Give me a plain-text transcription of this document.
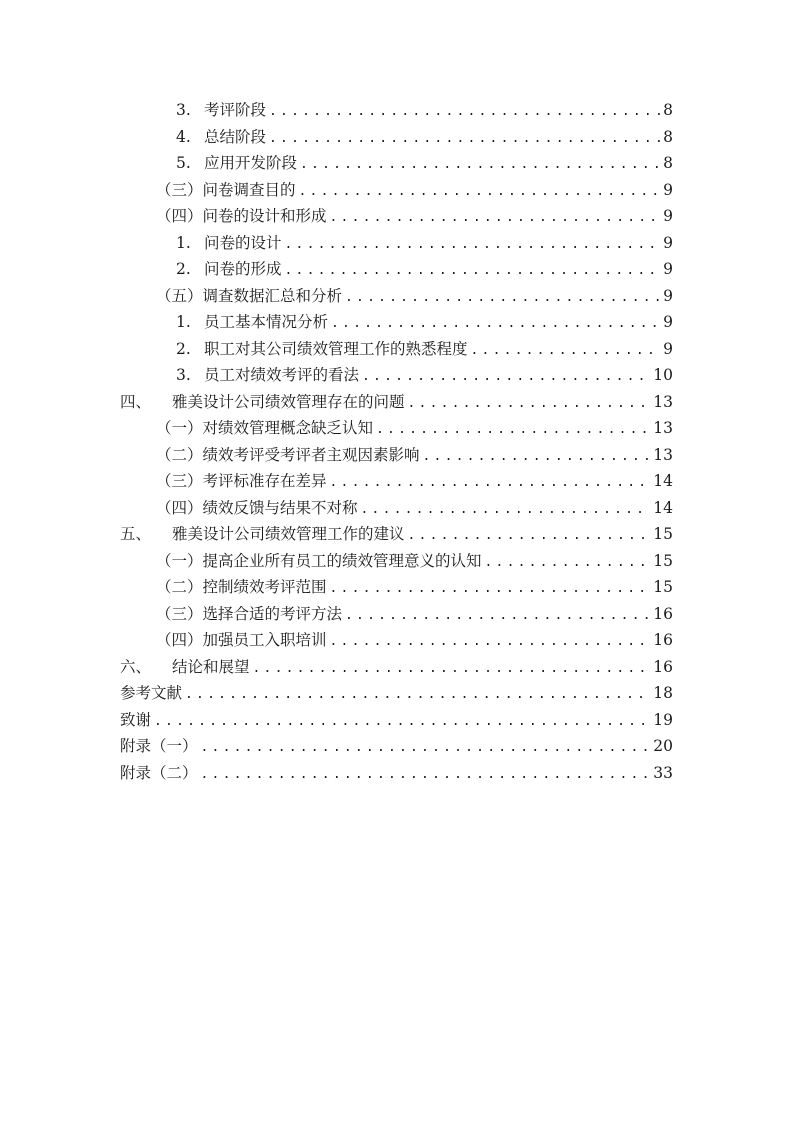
3. 考评阶段 .....	8
4. 总结阶段 .....	8
5. 应用开发阶段 .....	8
（三）问卷调查目的 .....	9
（四）问卷的设计和形成 .....	9
1. 问卷的设计 .....	9
2. 问卷的形成 .....	9
（五）调查数据汇总和分析 .....	9
1. 员工基本情况分析 .....	9
2. 职工对其公司绩效管理工作的熟悉程度 .....	9
3. 员工对绩效考评的看法 .....	10
四、	雅美设计公司绩效管理存在的问题 .....	13
（一）对绩效管理概念缺乏认知 .....	13
（二）绩效考评受考评者主观因素影响 .....	13
（三）考评标准存在差异 .....	14
（四）绩效反馈与结果不对称 .....	14
五、	雅美设计公司绩效管理工作的建议 .....	15
（一）提高企业所有员工的绩效管理意义的认知 .....	15
（二）控制绩效考评范围 .....	15
（三）选择合适的考评方法 .....	16
（四）加强员工入职培训 .....	16
六、	结论和展望 .....	16
参考文献 .....	18
致谢 .....	19
附录（一） .....	20
附录（二） .....	33
